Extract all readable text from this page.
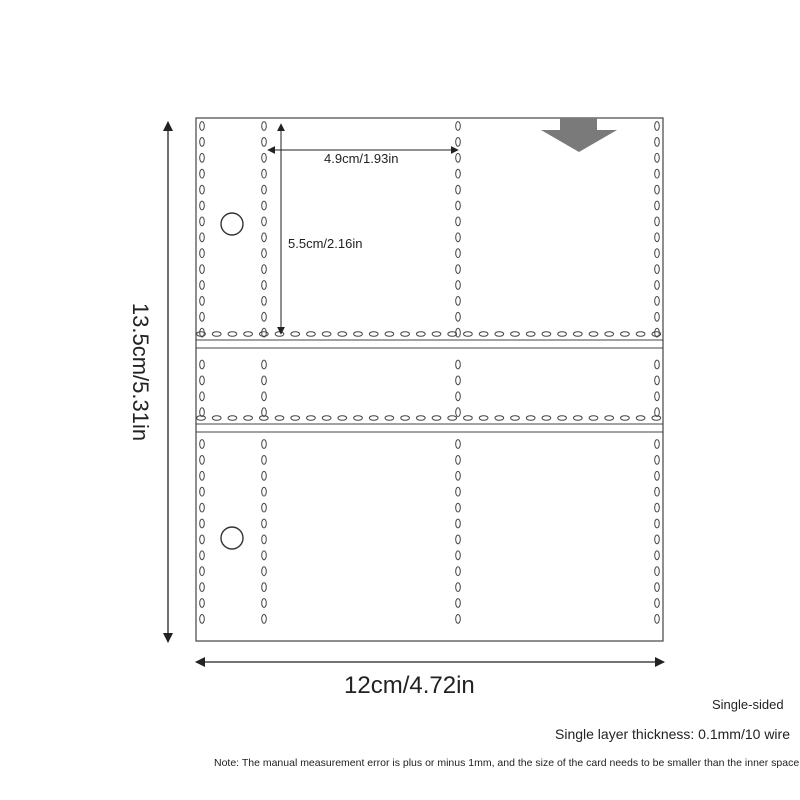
12cm/4.72in
13.5cm/5.31in
4.9cm/1.93in
5.5cm/2.16in
Single-sided
Single layer thickness: 0.1mm/10 wire
Note: The manual measurement error is plus or minus 1mm, and the size of the card needs to be smaller than the inner space
